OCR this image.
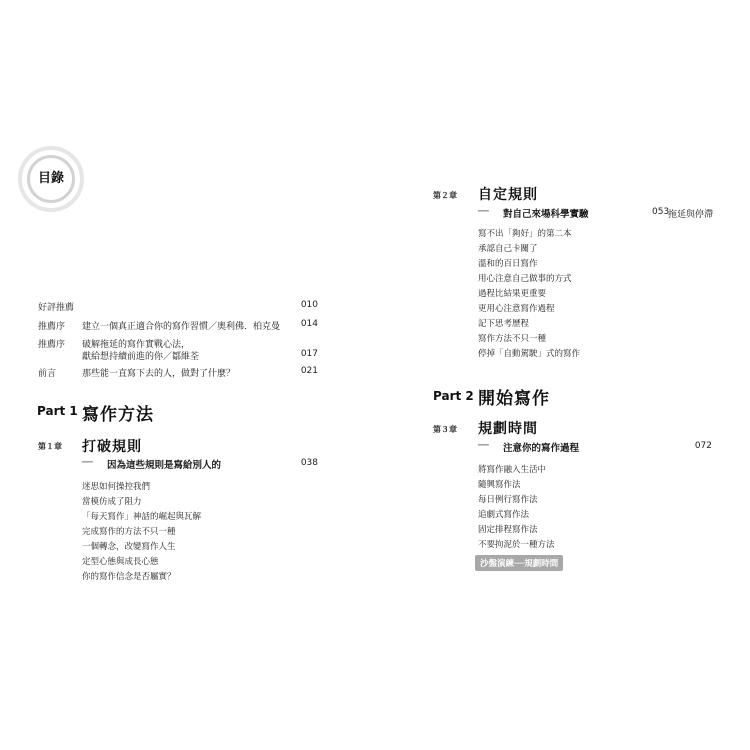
目錄
好評推薦	010
推薦序 建立一個真正適合你的寫作習慣／奧利佛．柏克曼	014
推薦序 破解拖延的寫作實戰心法，
獻給想持續前進的你／鄒維荃	017
前言	那些能一直寫下去的人，做對了什麼？	021
Part 1 寫作方法
第１章 打破規則
── 因為這些規則是寫給別人的	038
迷思如何操控我們
當模仿成了阻力
「每天寫作」神話的崛起與瓦解
完成寫作的方法不只一種
一個轉念，改變寫作人生
定型心態與成長心態
你的寫作信念是否屬實？
第２章 自定規則
── 對自己來場科學實驗	053
拖延與停滯
寫不出「夠好」的第二本
承認自己卡關了
溫和的百日寫作
用心注意自己做事的方式
過程比結果更重要
更用心注意寫作過程
記下思考歷程
寫作方法不只一種
停掉「自動駕駛」式的寫作
Part 2 開始寫作
第３章 規劃時間
── 注意你的寫作過程	072
將寫作融入生活中
隨興寫作法
每日例行寫作法
追劇式寫作法
固定排程寫作法
不要拘泥於一種方法
沙盤演練──規劃時間
